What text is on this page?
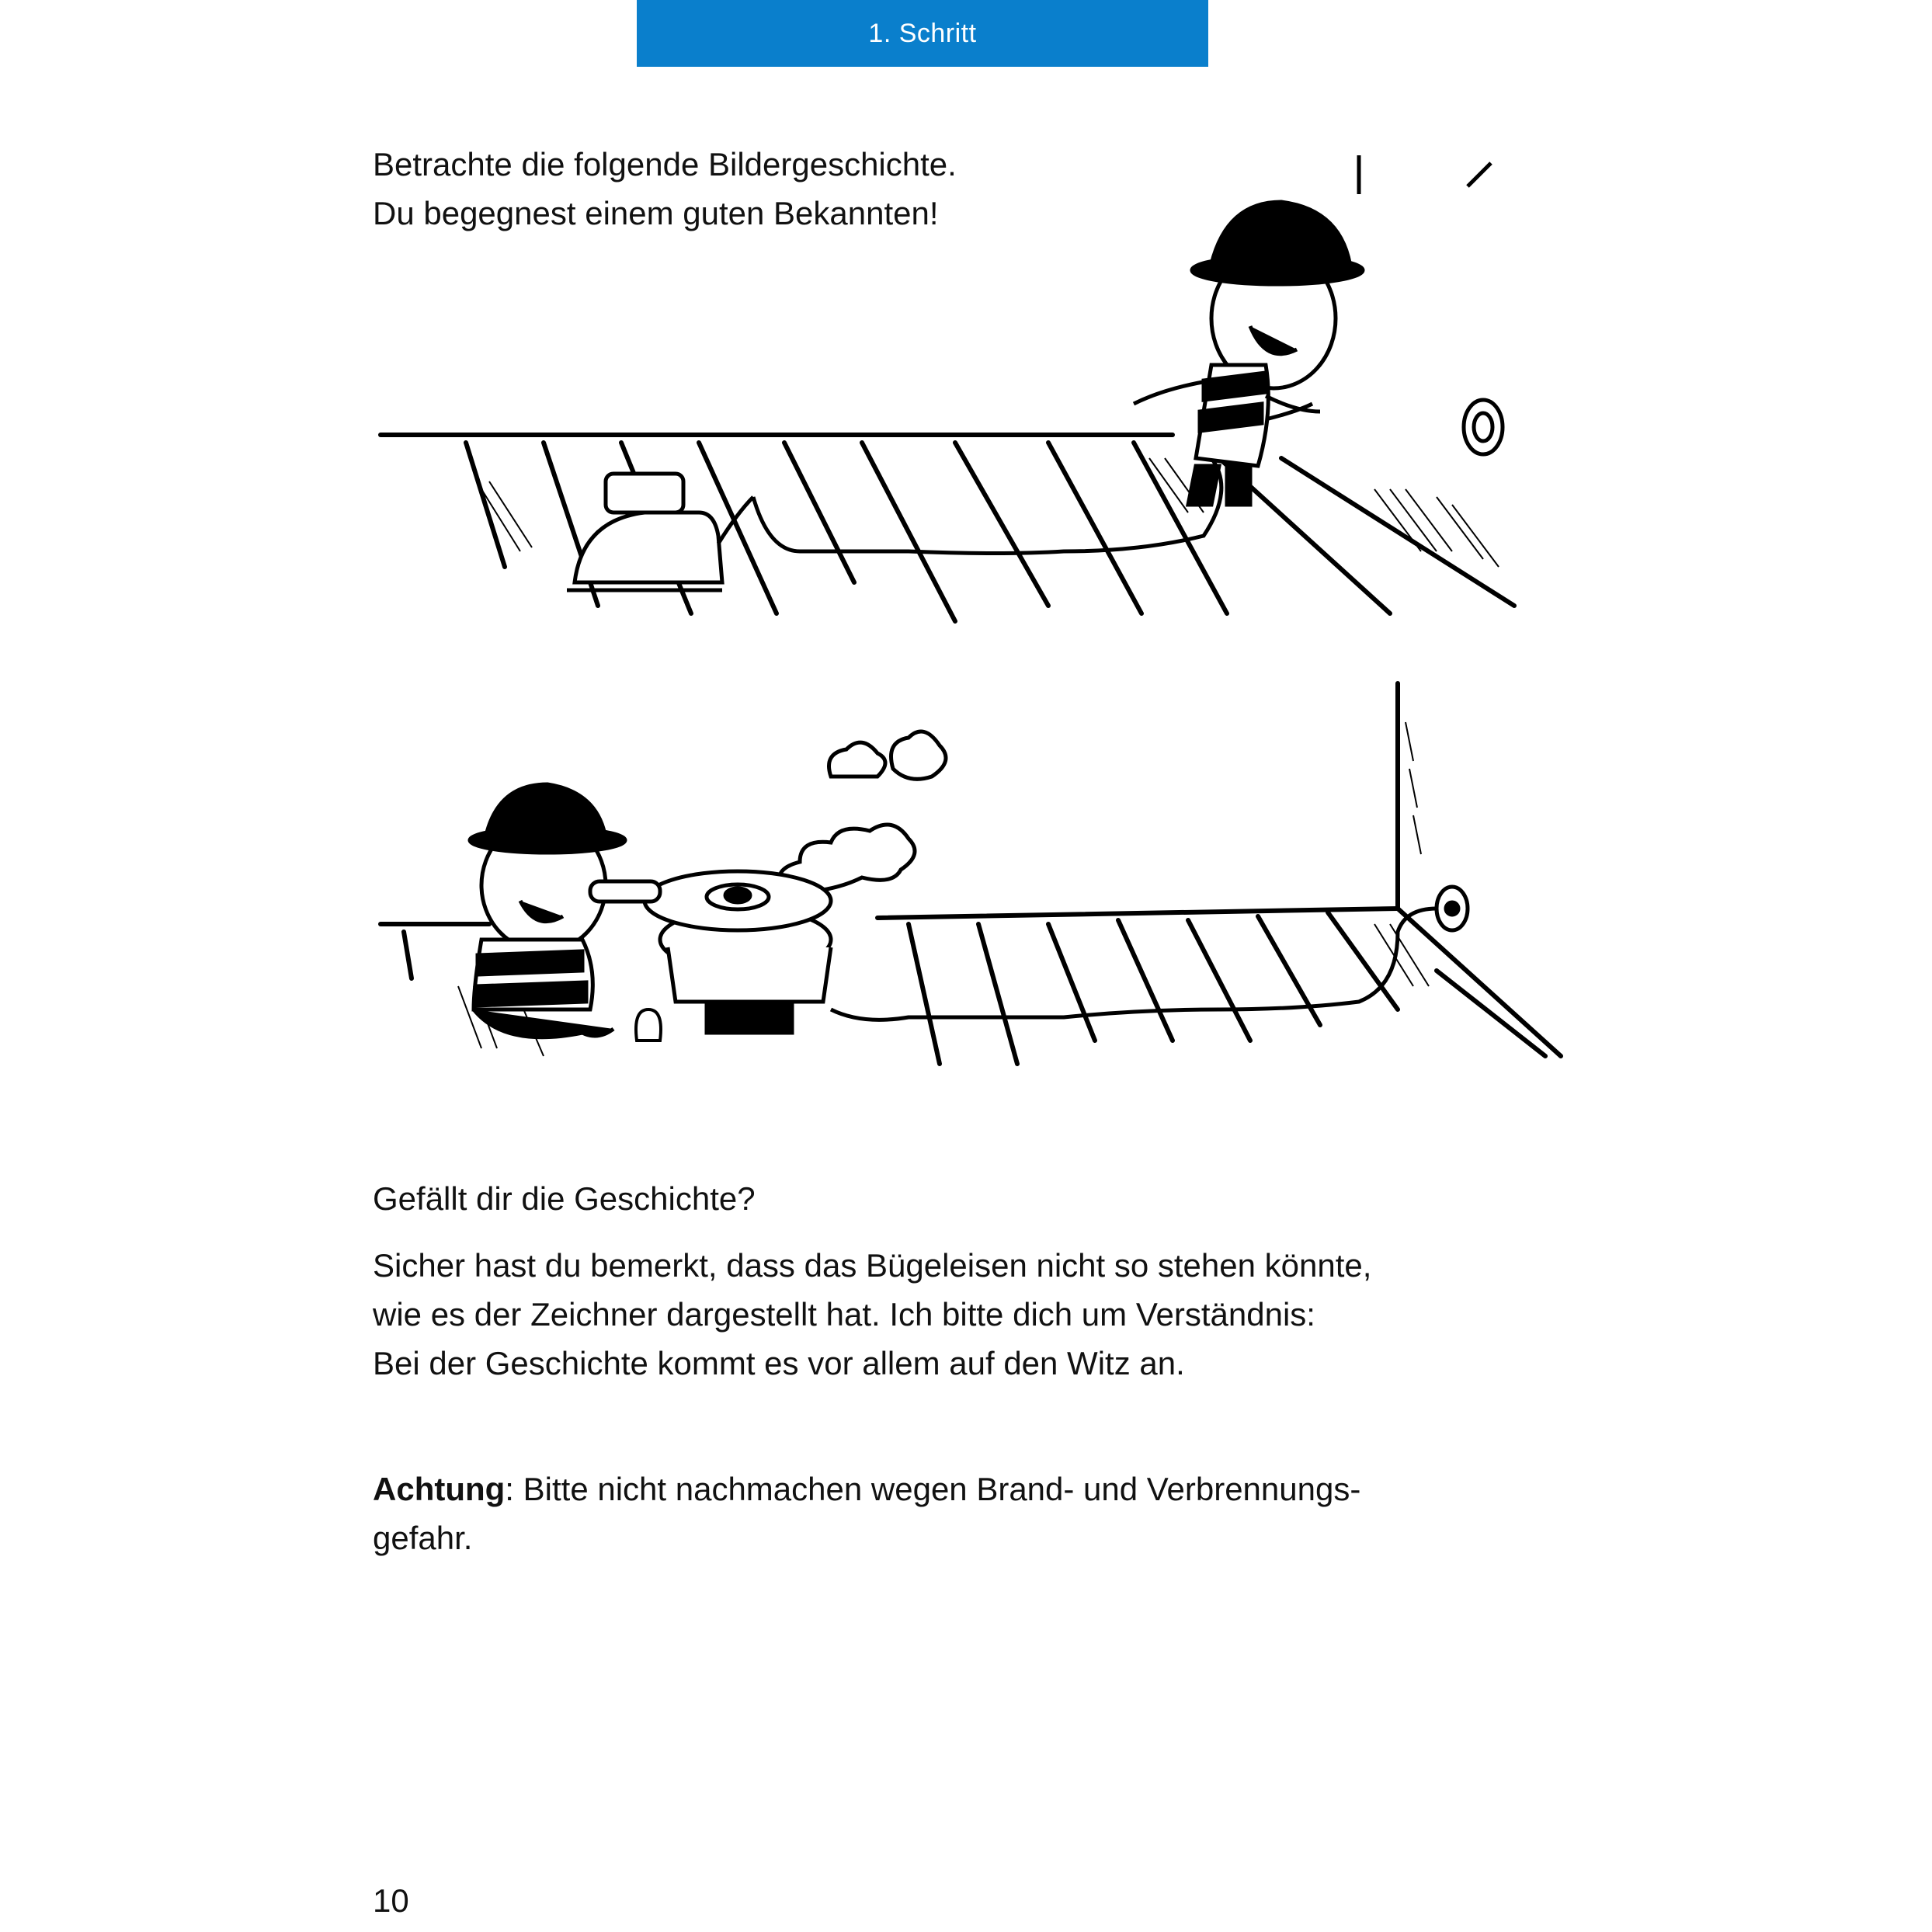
1. Schritt

Betrachte die folgende Bildergeschichte.

Du begegnest einem guten Bekannten!

Gefällt dir die Geschichte?

Sicher hast du bemerkt, dass das Bügeleisen nicht so stehen könnte,

wie es der Zeichner dargestellt hat. Ich bitte dich um Verständnis:

Bei der Geschichte kommt es vor allem auf den Witz an.

Achtung: Bitte nicht nachmachen wegen Brand- und Verbrennungs-

gefahr.

10
